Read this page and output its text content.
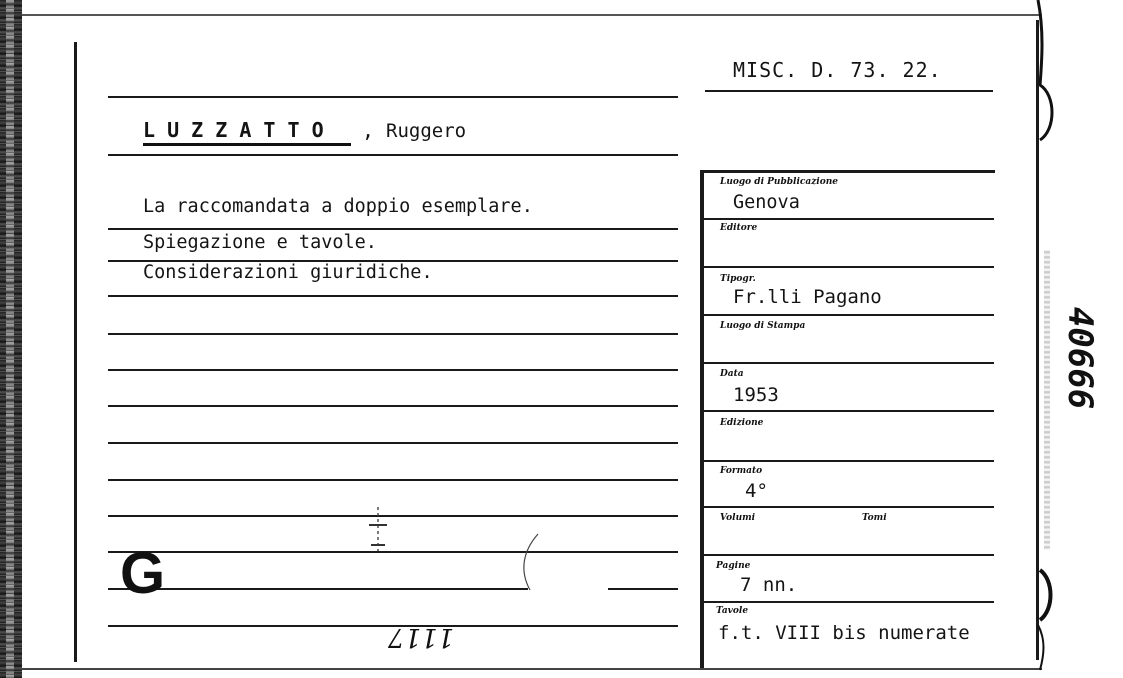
MISC. D. 73. 22.
L U Z Z A T T O , Ruggero
La raccomandata a doppio esemplare.
Spiegazione e tavole.
Considerazioni giuridiche.
G
1117
Luogo di Pubblicazione
Genova
Editore
Tipogr.
Fr.lli Pagano
Luogo di Stampa
Data
1953
Edizione
Formato
4°
Volumi	Tomi
Pagine
7 nn.
Tavole
f.t. VIII bis numerate
40666
